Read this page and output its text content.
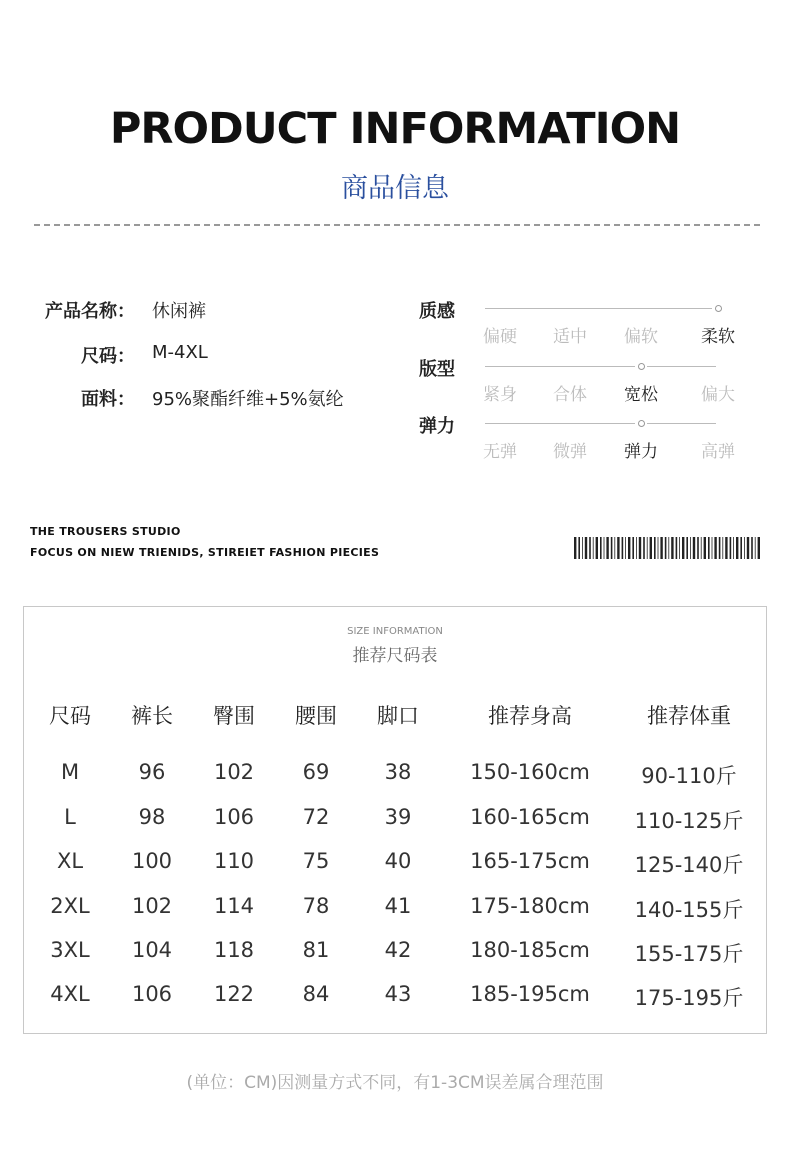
PRODUCT INFORMATION
商品信息
产品名称： 休闲裤
尺码： M-4XL
面料： 95%聚酯纤维+5%氨纶
质感
偏硬	适中	偏软	柔软
版型
紧身	合体	宽松	偏大
弹力
无弹	微弹	弹力	高弹
THE TROUSERS STUDIO
FOCUS ON NIEW TRIENIDS, STIREIET FASHION PIECIES
SIZE INFORMATION
推荐尺码表
尺码 裤长 臀围 腰围 脚口	推荐身高	推荐体重
M	96 102 69	38	150-160cm 90-110斤
L	98 106 72	39	160-165cm 110-125斤
XL 100 110 75	40	165-175cm 125-140斤
2XL 102 114 78	41	175-180cm 140-155斤
3XL 104 118 81	42	180-185cm 155-175斤
4XL 106 122 84	43	185-195cm 175-195斤
(单位：CM)因测量方式不同，有1-3CM误差属合理范围
